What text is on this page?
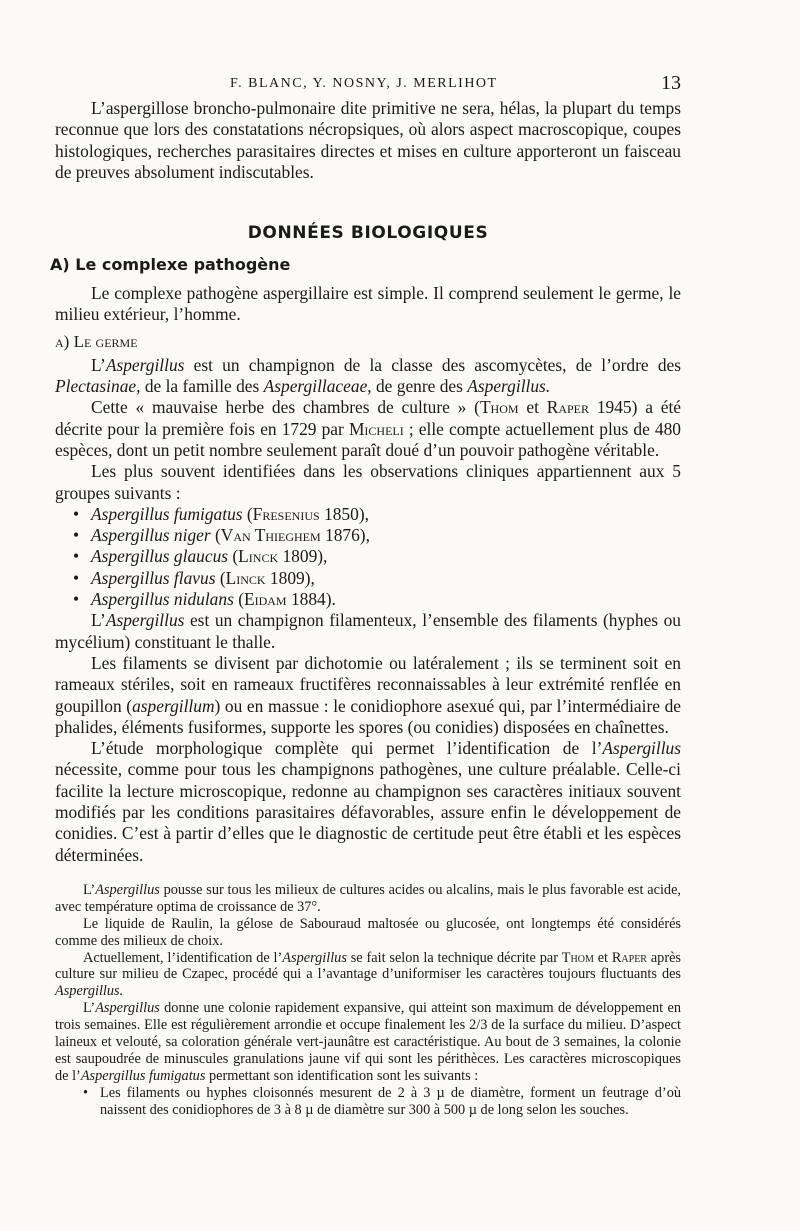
F. BLANC, Y. NOSNY, J. MERLIHOT	13

L’aspergillose broncho-pulmonaire dite primitive ne sera, hélas, la plupart du temps reconnue que lors des constatations nécropsiques, où alors aspect macroscopique, coupes histologiques, recherches parasitaires directes et mises en culture apporteront un faisceau de preuves absolument indiscutables.

DONNÉES BIOLOGIQUES
A) Le complexe pathogène

Le complexe pathogène aspergillaire est simple. Il comprend seulement le germe, le milieu extérieur, l’homme.

a) Le germe

L’Aspergillus est un champignon de la classe des ascomycètes, de l’ordre des Plectasinae, de la famille des Aspergillaceae, de genre des Aspergillus.

Cette « mauvaise herbe des chambres de culture » (Thom et Raper 1945) a été décrite pour la première fois en 1729 par Micheli ; elle compte actuellement plus de 480 espèces, dont un petit nombre seulement paraît doué d’un pouvoir pathogène véritable.

Les plus souvent identifiées dans les observations cliniques appartiennent aux 5 groupes suivants :

• Aspergillus fumigatus (Fresenius 1850),
• Aspergillus niger (Van Thieghem 1876),
• Aspergillus glaucus (Linck 1809),
• Aspergillus flavus (Linck 1809),
• Aspergillus nidulans (Eidam 1884).

L’Aspergillus est un champignon filamenteux, l’ensemble des filaments (hyphes ou mycélium) constituant le thalle.

Les filaments se divisent par dichotomie ou latéralement ; ils se terminent soit en rameaux stériles, soit en rameaux fructifères reconnaissables à leur extrémité renflée en goupillon (aspergillum) ou en massue : le conidiophore asexué qui, par l’intermédiaire de phalides, éléments fusiformes, supporte les spores (ou conidies) disposées en chaînettes.

L’étude morphologique complète qui permet l’identification de l’Aspergillus nécessite, comme pour tous les champignons pathogènes, une culture préalable. Celle-ci facilite la lecture microscopique, redonne au champignon ses caractères initiaux souvent modifiés par les conditions parasitaires défavorables, assure enfin le développement de conidies. C’est à partir d’elles que le diagnostic de certitude peut être établi et les espèces déterminées.

L’Aspergillus pousse sur tous les milieux de cultures acides ou alcalins, mais le plus favorable est acide, avec température optima de croissance de 37°.

Le liquide de Raulin, la gélose de Sabouraud maltosée ou glucosée, ont longtemps été considérés comme des milieux de choix.

Actuellement, l’identification de l’Aspergillus se fait selon la technique décrite par Thom et Raper après culture sur milieu de Czapec, procédé qui a l’avantage d’uniformiser les caractères toujours fluctuants des Aspergillus.

L’Aspergillus donne une colonie rapidement expansive, qui atteint son maximum de développement en trois semaines. Elle est régulièrement arrondie et occupe finalement les 2/3 de la surface du milieu. D’aspect laineux et velouté, sa coloration générale vert-jaunâtre est caractéristique. Au bout de 3 semaines, la colonie est saupoudrée de minuscules granulations jaune vif qui sont les périthèces. Les caractères microscopiques de l’Aspergillus fumigatus permettant son identification sont les suivants :

• Les filaments ou hyphes cloisonnés mesurent de 2 à 3 µ de diamètre, forment un feutrage d’où naissent des conidiophores de 3 à 8 µ de diamètre sur 300 à 500 µ de long selon les souches.
